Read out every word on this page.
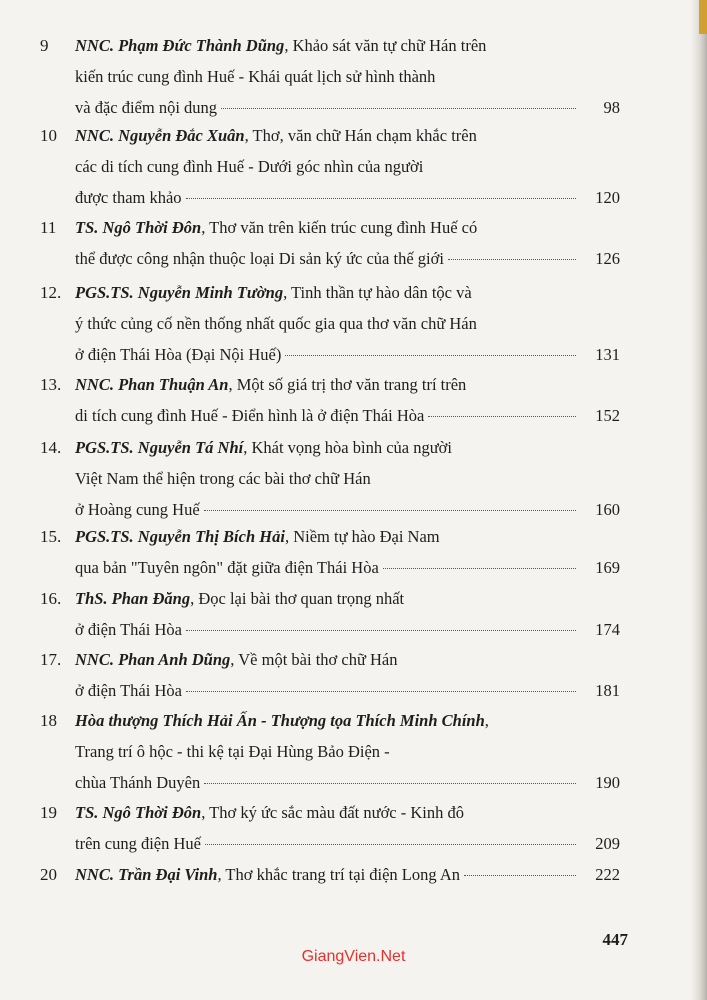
9	NNC. Phạm Đức Thành Dũng, Khảo sát văn tự chữ Hán trên
kiến trúc cung đình Huế - Khái quát lịch sử hình thành
và đặc điểm nội dung	98
10	NNC. Nguyễn Đắc Xuân, Thơ, văn chữ Hán chạm khắc trên
các di tích cung đình Huế - Dưới góc nhìn của người
được tham khảo	120
11	TS. Ngô Thời Đôn, Thơ văn trên kiến trúc cung đình Huế có
thể được công nhận thuộc loại Di sản ký ức của thế giới	126
12. PGS.TS. Nguyễn Minh Tường, Tinh thần tự hào dân tộc và
ý thức củng cố nền thống nhất quốc gia qua thơ văn chữ Hán
ở điện Thái Hòa (Đại Nội Huế)	131
13. NNC. Phan Thuận An, Một số giá trị thơ văn trang trí trên
di tích cung đình Huế - Điển hình là ở điện Thái Hòa	152
14. PGS.TS. Nguyễn Tá Nhí, Khát vọng hòa bình của người
Việt Nam thể hiện trong các bài thơ chữ Hán
ở Hoàng cung Huế	160
15. PGS.TS. Nguyễn Thị Bích Hải, Niềm tự hào Đại Nam
qua bản "Tuyên ngôn" đặt giữa điện Thái Hòa	169
16. ThS. Phan Đăng, Đọc lại bài thơ quan trọng nhất
ở điện Thái Hòa	174
17. NNC. Phan Anh Dũng, Về một bài thơ chữ Hán
ở điện Thái Hòa	181
18	Hòa thượng Thích Hải Ấn - Thượng tọa Thích Minh Chính,
Trang trí ô hộc - thi kệ tại Đại Hùng Bảo Điện -
chùa Thánh Duyên	190
19	TS. Ngô Thời Đôn, Thơ ký ức sắc màu đất nước - Kinh đô
trên cung điện Huế	209
20	NNC. Trần Đại Vinh, Thơ khắc trang trí tại điện Long An	222
447
GiangVien.Net
